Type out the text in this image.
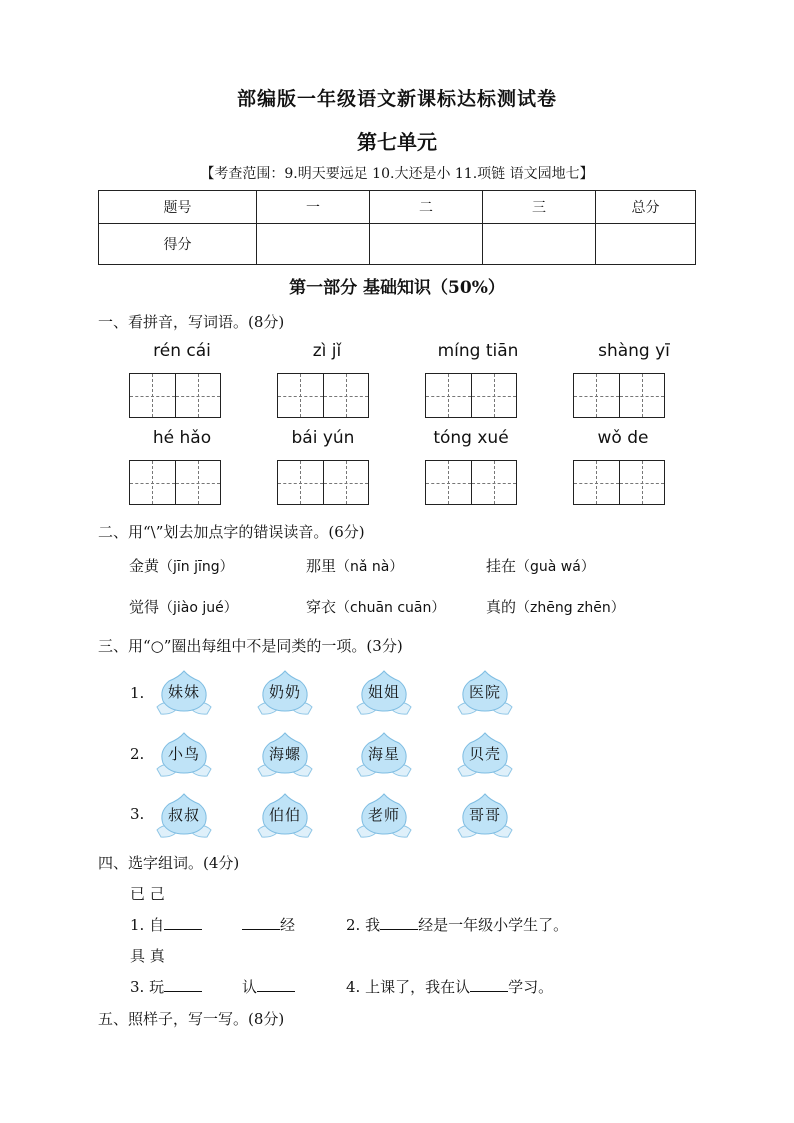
部编版一年级语文新课标达标测试卷
第七单元
【考查范围：9.明天要远足 10.大还是小 11.项链 语文园地七】
题号	一	二	三	总分
得分				
第一部分 基础知识（50%）
一、看拼音，写词语。(8分)
rén cái	zì jǐ	míng tiān	shàng yī
hé hǎo	bái yún	tóng xué	wǒ de
二、用“\”划去加点字的错误读音。(6分)
金黄（jīn jīng）	那里（nǎ nà）	挂在（guà wá）
觉得（jiào jué）	穿衣（chuān cuān）	真的（zhēng zhēn）
三、用“○”圈出每组中不是同类的一项。(3分)
1.
2.
3.
妹妹	奶奶	姐姐	医院
小鸟	海螺	海星	贝壳
叔叔	伯伯	老师	哥哥
四、选字组词。(4分)
已 己
1. 自	经	2. 我	经是一年级小学生了。
具 真
3. 玩	认	4. 上课了，我在认	学习。
五、照样子，写一写。(8分)
